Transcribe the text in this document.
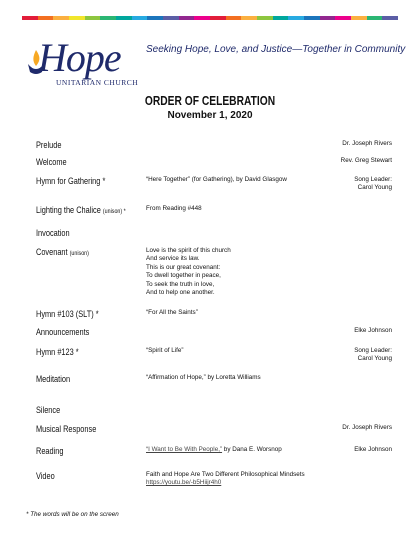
Hope
UNITARIAN CHURCH
Seeking Hope, Love, and Justice—Together in Community
ORDER OF CELEBRATION
November 1, 2020
Prelude	Dr. Joseph Rivers
Welcome	Rev. Greg Stewart
Hymn for Gathering *	“Here Together” (for Gathering), by David Glasgow	Song Leader:
Carol Young
Lighting the Chalice (unison) *	From Reading #448
Invocation
Covenant (unison)	Love is the spirit of this church
And service its law.
This is our great covenant:
To dwell together in peace,
To seek the truth in love,
And to help one another.
Hymn #103 (SLT) *	“For All the Saints”
Announcements	Elke Johnson
Hymn #123 *	“Spirit of Life”	Song Leader:
Carol Young
Meditation	“Affirmation of Hope,” by Loretta Williams
Silence
Musical Response	Dr. Joseph Rivers
Reading	“I Want to Be With People,” by Dana E. Worsnop	Elke Johnson
Video	Faith and Hope Are Two Different Philosophical Mindsets https://youtu.be/-b5Hiijr4h0
* The words will be on the screen
